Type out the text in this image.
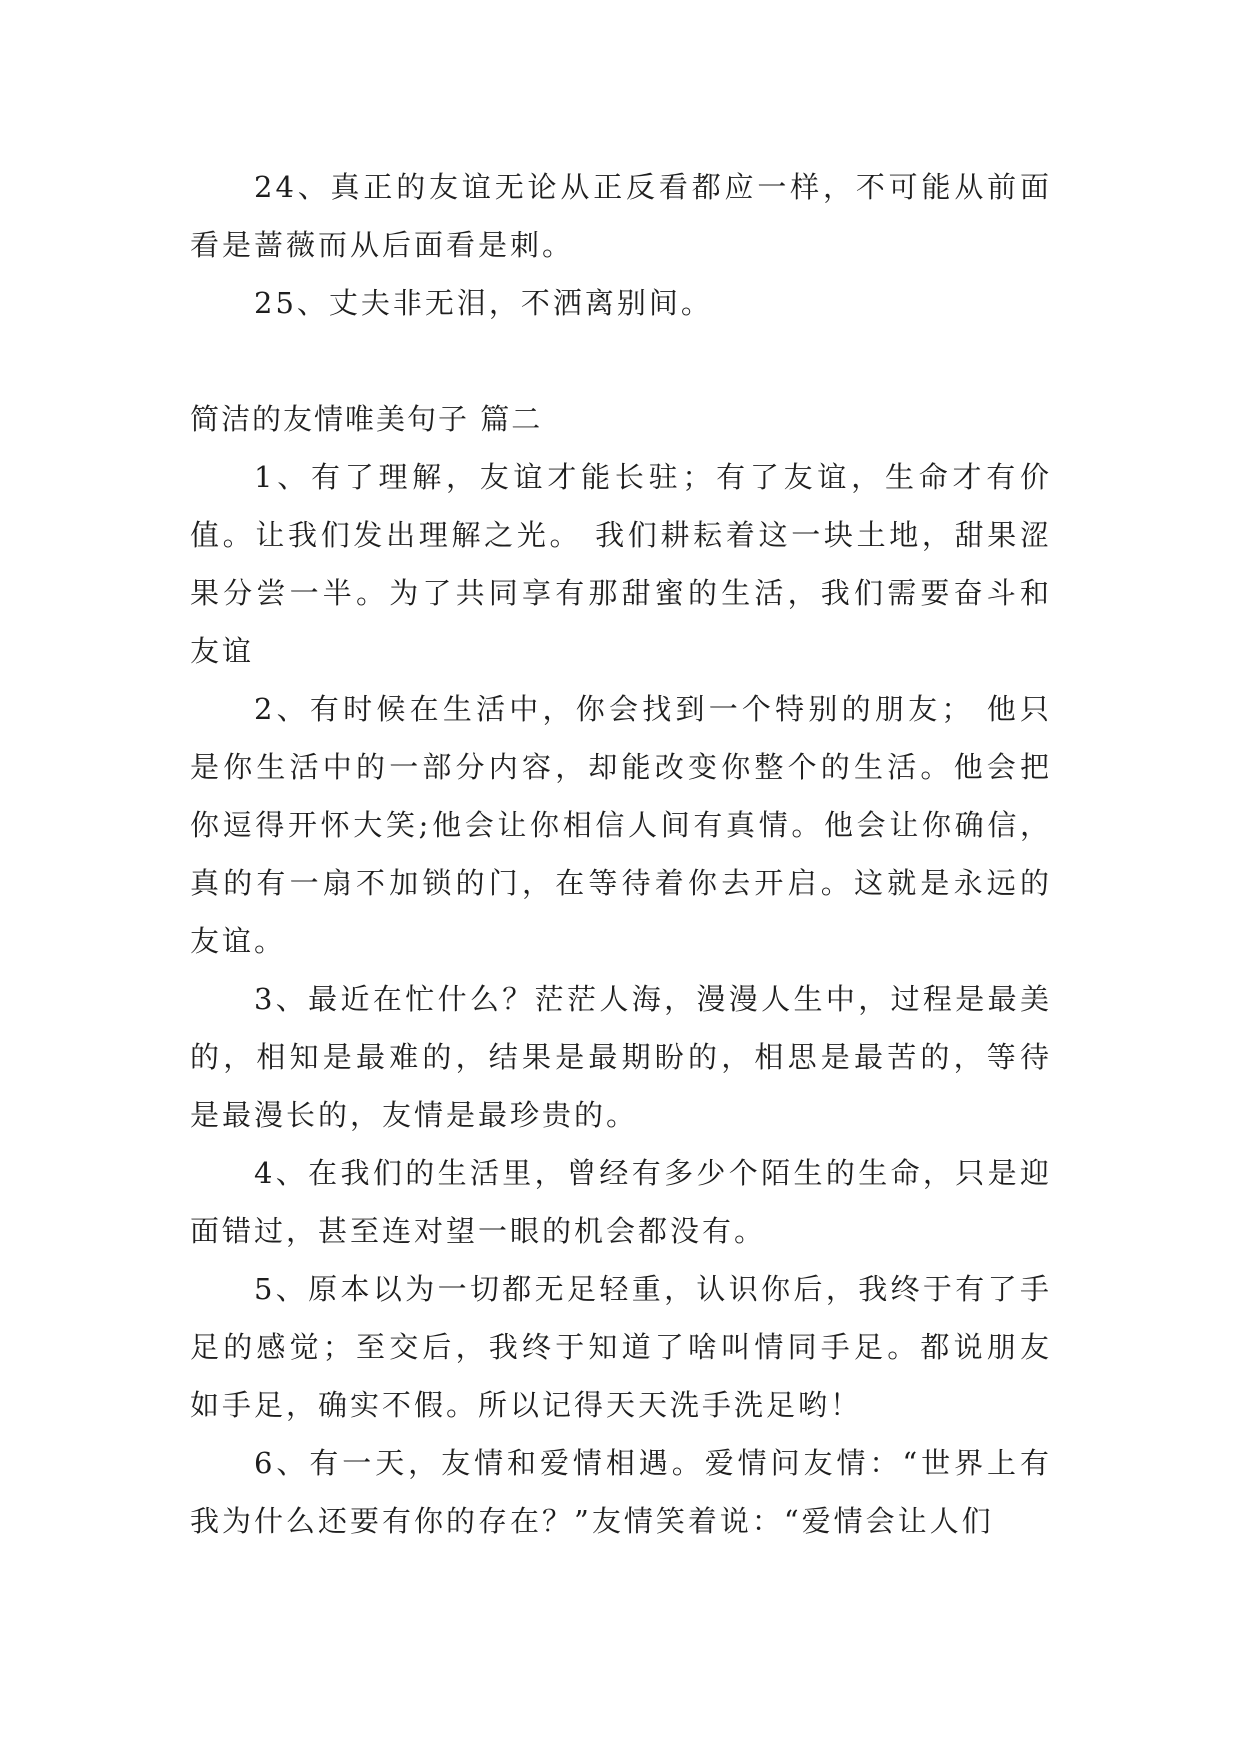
24、真正的友谊无论从正反看都应一样，不可能从前面看是蔷薇而从后面看是刺。

25、丈夫非无泪，不洒离别间。

简洁的友情唯美句子 篇二

1、有了理解，友谊才能长驻；有了友谊，生命才有价值。让我们发出理解之光。 我们耕耘着这一块土地，甜果涩果分尝一半。为了共同享有那甜蜜的生活，我们需要奋斗和友谊

2、有时候在生活中，你会找到一个特别的朋友； 他只是你生活中的一部分内容，却能改变你整个的生活。他会把你逗得开怀大笑;他会让你相信人间有真情。他会让你确信，真的有一扇不加锁的门，在等待着你去开启。这就是永远的友谊。

3、最近在忙什么？茫茫人海，漫漫人生中，过程是最美的，相知是最难的，结果是最期盼的，相思是最苦的，等待是最漫长的，友情是最珍贵的。

4、在我们的生活里，曾经有多少个陌生的生命，只是迎面错过，甚至连对望一眼的机会都没有。

5、原本以为一切都无足轻重，认识你后，我终于有了手足的感觉；至交后，我终于知道了啥叫情同手足。都说朋友如手足，确实不假。所以记得天天洗手洗足哟！

6、有一天，友情和爱情相遇。爱情问友情：“世界上有我为什么还要有你的存在？”友情笑着说：“爱情会让人们
